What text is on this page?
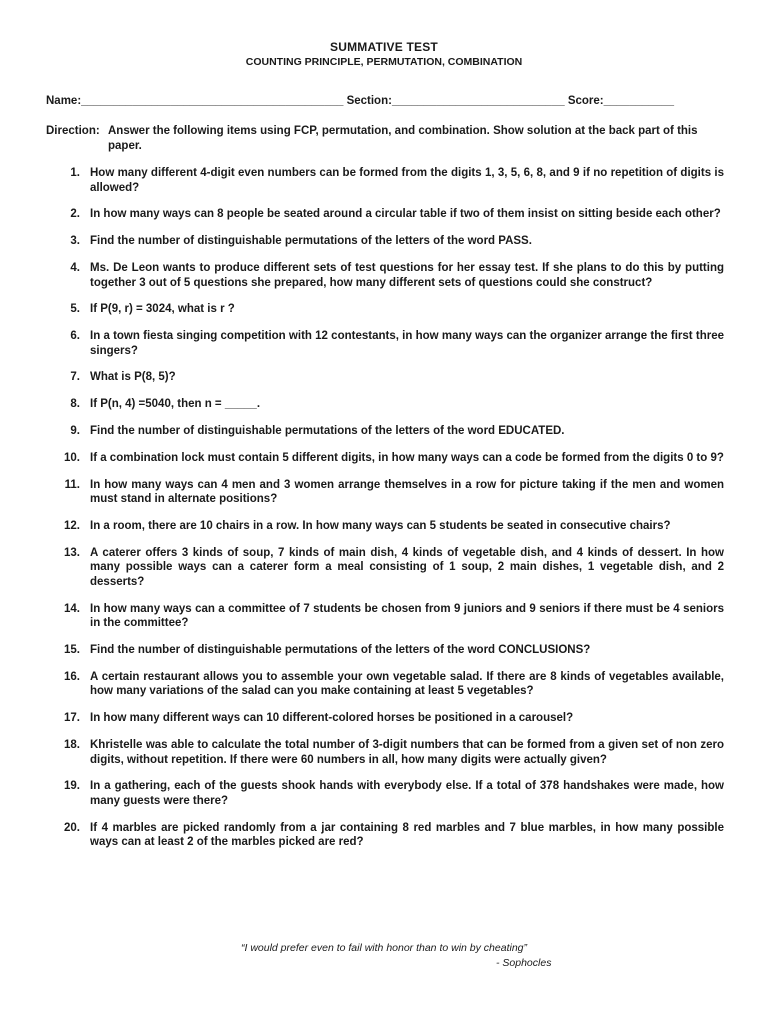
SUMMATIVE TEST
COUNTING PRINCIPLE, PERMUTATION, COMBINATION
Name:_________________________________________ Section:___________________________ Score:___________
Direction: Answer the following items using FCP, permutation, and combination. Show solution at the back part of this paper.
1. How many different 4-digit even numbers can be formed from the digits 1, 3, 5, 6, 8, and 9 if no repetition of digits is allowed?
2. In how many ways can 8 people be seated around a circular table if two of them insist on sitting beside each other?
3. Find the number of distinguishable permutations of the letters of the word PASS.
4. Ms. De Leon wants to produce different sets of test questions for her essay test. If she plans to do this by putting together 3 out of 5 questions she prepared, how many different sets of questions could she construct?
5. If P(9, r) = 3024, what is r ?
6. In a town fiesta singing competition with 12 contestants, in how many ways can the organizer arrange the first three singers?
7. What is P(8, 5)?
8. If P(n, 4) =5040, then n = _____.
9. Find the number of distinguishable permutations of the letters of the word EDUCATED.
10. If a combination lock must contain 5 different digits, in how many ways can a code be formed from the digits 0 to 9?
11. In how many ways can 4 men and 3 women arrange themselves in a row for picture taking if the men and women must stand in alternate positions?
12. In a room, there are 10 chairs in a row. In how many ways can 5 students be seated in consecutive chairs?
13. A caterer offers 3 kinds of soup, 7 kinds of main dish, 4 kinds of vegetable dish, and 4 kinds of dessert. In how many possible ways can a caterer form a meal consisting of 1 soup, 2 main dishes, 1 vegetable dish, and 2 desserts?
14. In how many ways can a committee of 7 students be chosen from 9 juniors and 9 seniors if there must be 4 seniors in the committee?
15. Find the number of distinguishable permutations of the letters of the word CONCLUSIONS?
16. A certain restaurant allows you to assemble your own vegetable salad. If there are 8 kinds of vegetables available, how many variations of the salad can you make containing at least 5 vegetables?
17. In how many different ways can 10 different-colored horses be positioned in a carousel?
18. Khristelle was able to calculate the total number of 3-digit numbers that can be formed from a given set of non zero digits, without repetition. If there were 60 numbers in all, how many digits were actually given?
19. In a gathering, each of the guests shook hands with everybody else. If a total of 378 handshakes were made, how many guests were there?
20. If 4 marbles are picked randomly from a jar containing 8 red marbles and 7 blue marbles, in how many possible ways can at least 2 of the marbles picked are red?
“I would prefer even to fail with honor than to win by cheating”
- Sophocles
